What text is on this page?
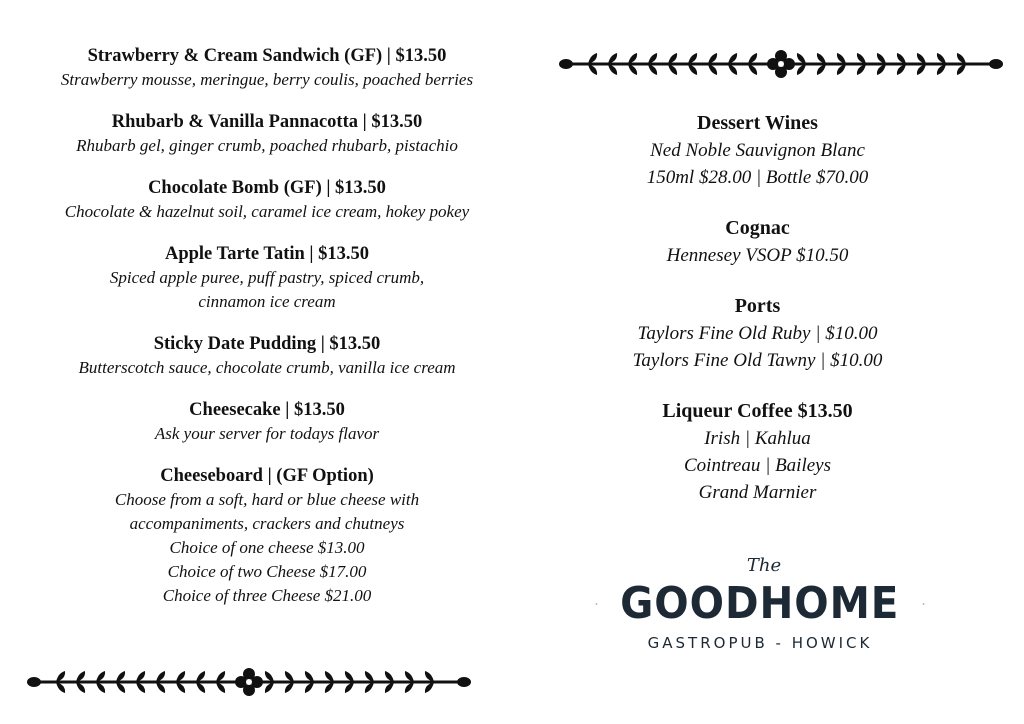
Strawberry & Cream Sandwich (GF) | $13.50
Strawberry mousse, meringue, berry coulis, poached berries
Rhubarb & Vanilla Pannacotta | $13.50
Rhubarb gel, ginger crumb, poached rhubarb, pistachio
Chocolate Bomb (GF) | $13.50
Chocolate & hazelnut soil, caramel ice cream, hokey pokey
Apple Tarte Tatin | $13.50
Spiced apple puree, puff pastry, spiced crumb,
cinnamon ice cream
Sticky Date Pudding | $13.50
Butterscotch sauce, chocolate crumb, vanilla ice cream
Cheesecake | $13.50
Ask your server for todays flavor
Cheeseboard | (GF Option)
Choose from a soft, hard or blue cheese with
accompaniments, crackers and chutneys
Choice of one cheese $13.00
Choice of two Cheese $17.00
Choice of three Cheese $21.00
Dessert Wines
Ned Noble Sauvignon Blanc
150ml $28.00 | Bottle $70.00
Cognac
Hennesey VSOP $10.50
Ports
Taylors Fine Old Ruby | $10.00
Taylors Fine Old Tawny | $10.00
Liqueur Coffee $13.50
Irish | Kahlua
Cointreau | Baileys
Grand Marnier
The
GOODHOME
GASTROPUB - HOWICK
